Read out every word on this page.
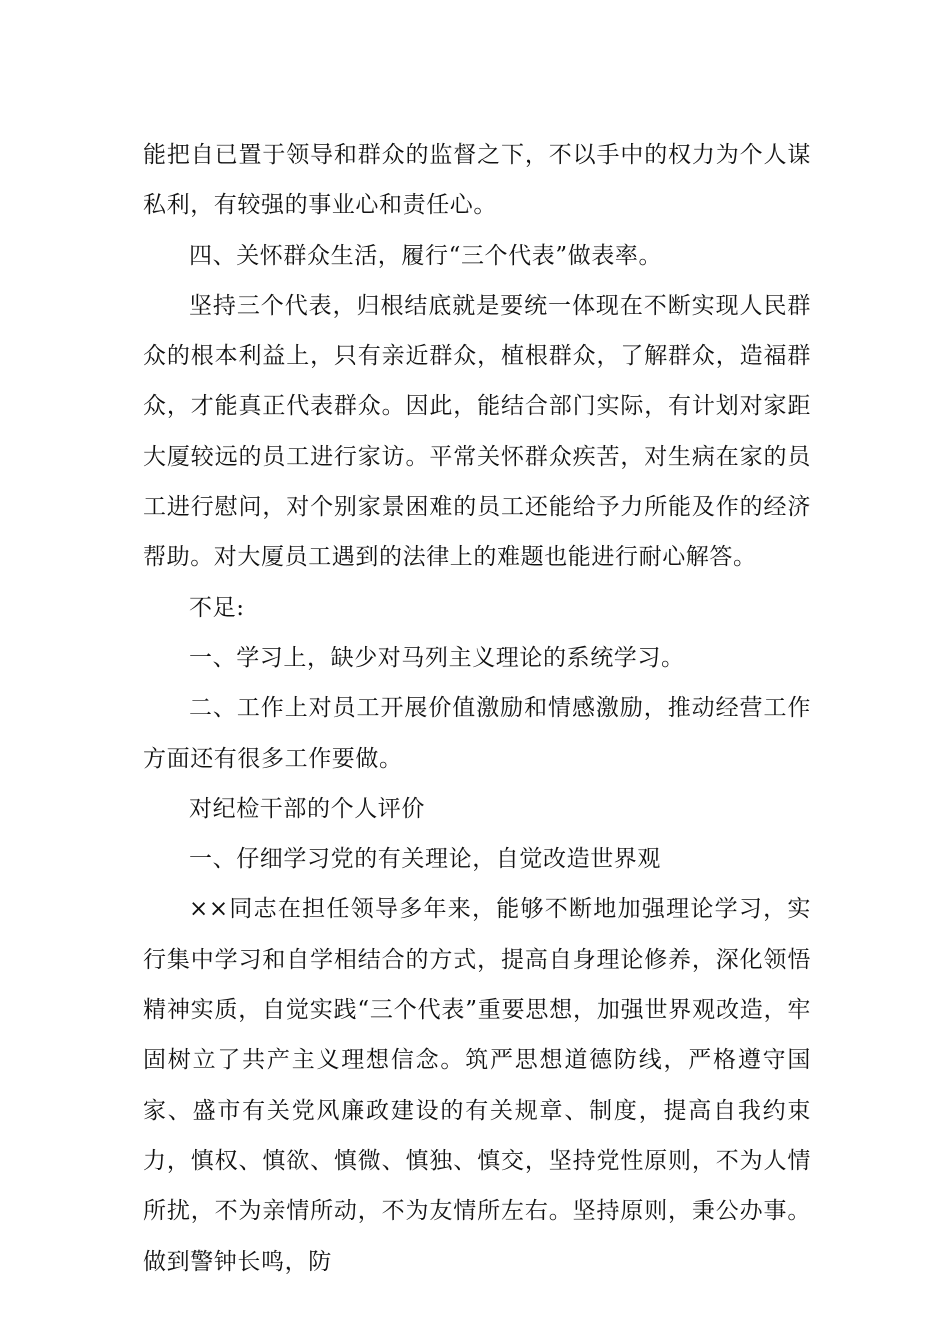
能把自已置于领导和群众的监督之下，不以手中的权力为个人谋私利，有较强的事业心和责任心。

四、关怀群众生活，履行“三个代表”做表率。

坚持三个代表，归根结底就是要统一体现在不断实现人民群众的根本利益上，只有亲近群众，植根群众，了解群众，造福群众，才能真正代表群众。因此，能结合部门实际，有计划对家距大厦较远的员工进行家访。平常关怀群众疾苦，对生病在家的员工进行慰问，对个别家景困难的员工还能给予力所能及作的经济帮助。对大厦员工遇到的法律上的难题也能进行耐心解答。

不足:

一、学习上，缺少对马列主义理论的系统学习。

二、工作上对员工开展价值激励和情感激励，推动经营工作方面还有很多工作要做。

对纪检干部的个人评价

一、仔细学习党的有关理论，自觉改造世界观

××同志在担任领导多年来，能够不断地加强理论学习，实行集中学习和自学相结合的方式，提高自身理论修养，深化领悟精神实质，自觉实践“三个代表”重要思想，加强世界观改造，牢固树立了共产主义理想信念。筑严思想道德防线，严格遵守国家、盛市有关党风廉政建设的有关规章、制度，提高自我约束力，慎权、慎欲、慎微、慎独、慎交，坚持党性原则，不为人情所扰，不为亲情所动，不为友情所左右。坚持原则，秉公办事。做到警钟长鸣，防
